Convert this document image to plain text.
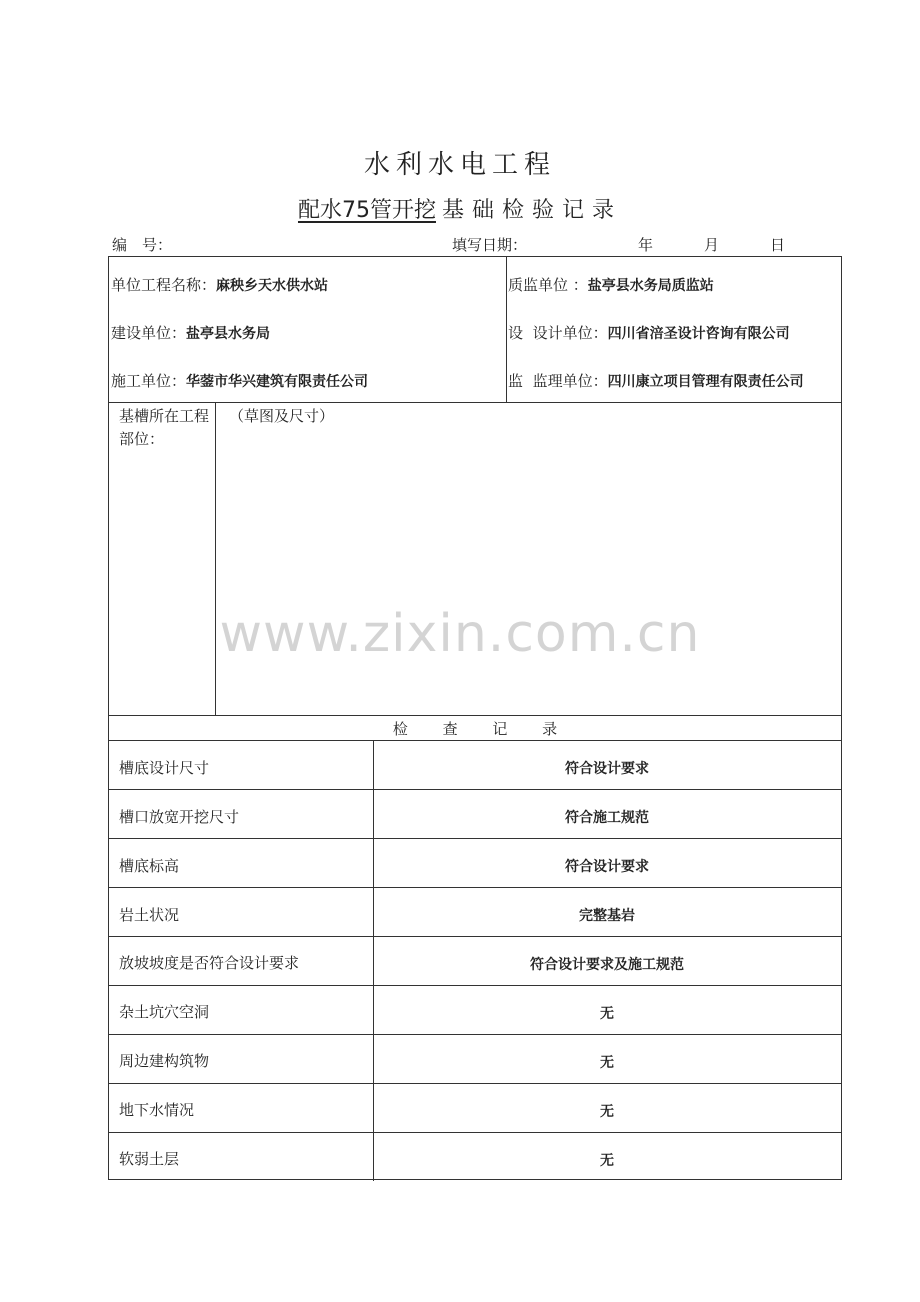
水利水电工程
配水75管开挖 基础检验记录
编　号：	填写日期：	年	月	日
单位工程名称：麻秧乡天水供水站	质监单位 ：盐亭县水务局质监站
建设单位：盐亭县水务局	设 设计单位：四川省涪圣设计咨询有限公司
施工单位：华蓥市华兴建筑有限责任公司	监 监理单位：四川康立项目管理有限责任公司
基槽所在工程部位：
（草图及尺寸）
检 查 记 录
槽底设计尺寸	符合设计要求
槽口放宽开挖尺寸	符合施工规范
槽底标高	符合设计要求
岩土状况	完整基岩
放坡坡度是否符合设计要求	符合设计要求及施工规范
杂土坑穴空洞	无
周边建构筑物	无
地下水情况	无
软弱土层	无
www.zixin.com.cn
